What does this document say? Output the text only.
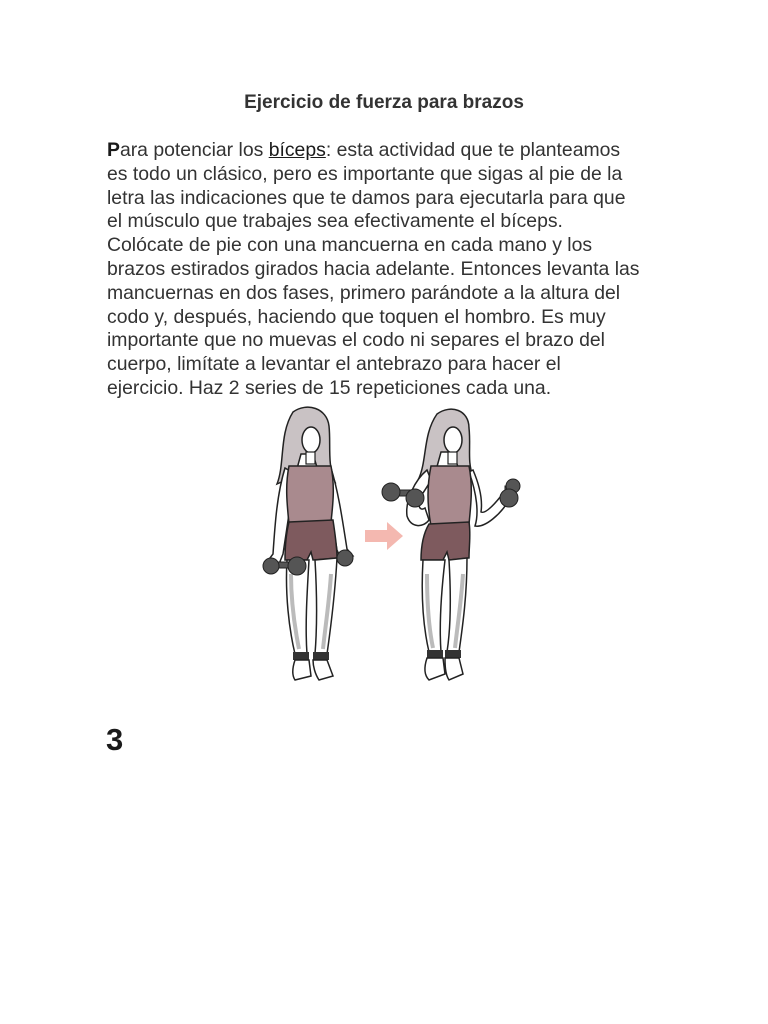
Ejercicio de fuerza para brazos

Para potenciar los bíceps: esta actividad que te planteamos
es todo un clásico, pero es importante que sigas al pie de la
letra las indicaciones que te damos para ejecutarla para que
el músculo que trabajes sea efectivamente el bíceps.
Colócate de pie con una mancuerna en cada mano y los
brazos estirados girados hacia adelante. Entonces levanta las
mancuernas en dos fases, primero parándote a la altura del
codo y, después, haciendo que toquen el hombro. Es muy
importante que no muevas el codo ni separes el brazo del
cuerpo, limítate a levantar el antebrazo para hacer el
ejercicio. Haz 2 series de 15 repeticiones cada una.

3
